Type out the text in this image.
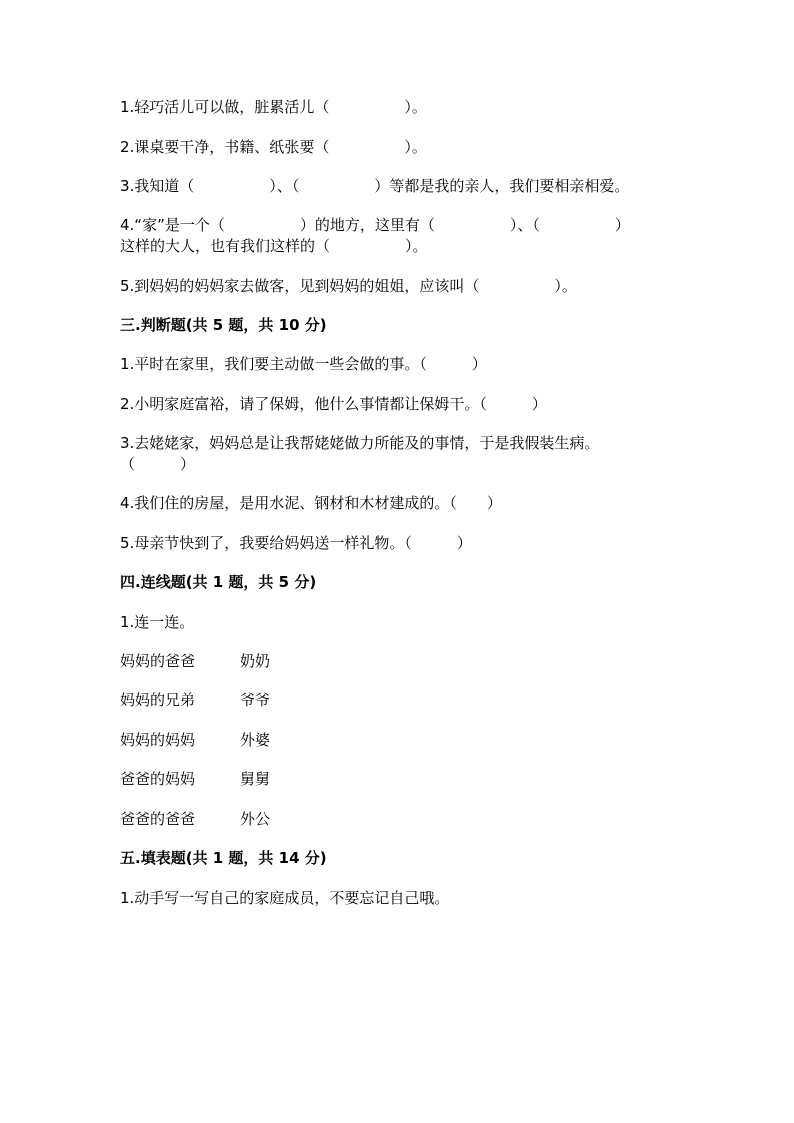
1.轻巧活儿可以做，脏累活儿（　　　　　）。
2.课桌要干净，书籍、纸张要（　　　　　）。
3.我知道（　　　　　）、（　　　　　）等都是我的亲人，我们要相亲相爱。
4.“家”是一个（　　　　　）的地方，这里有（　　　　　）、（　　　　　）
这样的大人，也有我们这样的（　　　　　）。
5.到妈妈的妈妈家去做客，见到妈妈的姐姐，应该叫（　　　　　）。
三.判断题(共 5 题，共 10 分)
1.平时在家里，我们要主动做一些会做的事。（　　　）
2.小明家庭富裕，请了保姆，他什么事情都让保姆干。（　　　）
3.去姥姥家，妈妈总是让我帮姥姥做力所能及的事情，于是我假装生病。
（　　　）
4.我们住的房屋，是用水泥、钢材和木材建成的。（　　）
5.母亲节快到了，我要给妈妈送一样礼物。（　　　）
四.连线题(共 1 题，共 5 分)
1.连一连。
妈妈的爸爸	奶奶
妈妈的兄弟	爷爷
妈妈的妈妈	外婆
爸爸的妈妈	舅舅
爸爸的爸爸	外公
五.填表题(共 1 题，共 14 分)
1.动手写一写自己的家庭成员，不要忘记自己哦。
